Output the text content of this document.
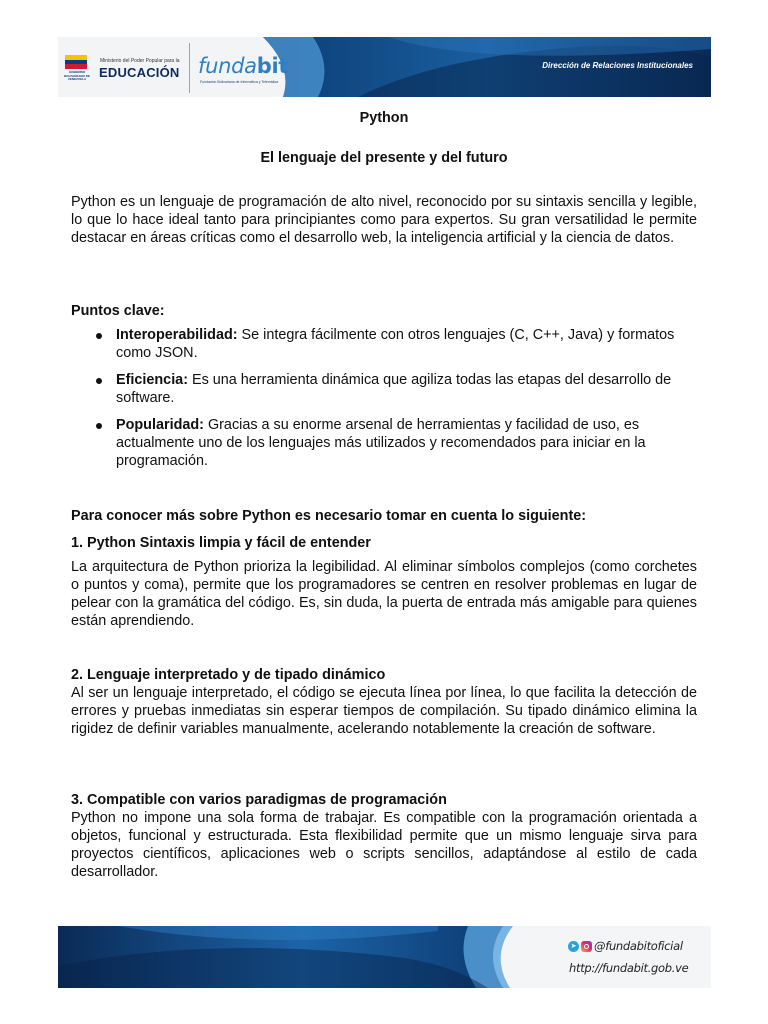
GOBIERNO BOLIVARIANO DE VENEZUELA
Ministerio del Poder Popular para la
EDUCACIÓN fundabit
Fundación Bolivariana de Informática y Telemática
Dirección de Relaciones Institucionales
Python
El lenguaje del presente y del futuro

Python es un lenguaje de programación de alto nivel, reconocido por su sintaxis sencilla y legible, lo que lo hace ideal tanto para principiantes como para expertos. Su gran versatilidad le permite destacar en áreas críticas como el desarrollo web, la inteligencia artificial y la ciencia de datos.

Puntos clave:

Interoperabilidad: Se integra fácilmente con otros lenguajes (C, C++, Java) y formatos como JSON.
Eficiencia: Es una herramienta dinámica que agiliza todas las etapas del desarrollo de software.
Popularidad: Gracias a su enorme arsenal de herramientas y facilidad de uso, es actualmente uno de los lenguajes más utilizados y recomendados para iniciar en la programación.

Para conocer más sobre Python es necesario tomar en cuenta lo siguiente:

1. Python Sintaxis limpia y fácil de entender

La arquitectura de Python prioriza la legibilidad. Al eliminar símbolos complejos (como corchetes o puntos y coma), permite que los programadores se centren en resolver problemas en lugar de pelear con la gramática del código. Es, sin duda, la puerta de entrada más amigable para quienes están aprendiendo.

2. Lenguaje interpretado y de tipado dinámico

Al ser un lenguaje interpretado, el código se ejecuta línea por línea, lo que facilita la detección de errores y pruebas inmediatas sin esperar tiempos de compilación. Su tipado dinámico elimina la rigidez de definir variables manualmente, acelerando notablemente la creación de software.

3. Compatible con varios paradigmas de programación

Python no impone una sola forma de trabajar. Es compatible con la programación orientada a objetos, funcional y estructurada. Esta flexibilidad permite que un mismo lenguaje sirva para proyectos científicos, aplicaciones web o scripts sencillos, adaptándose al estilo de cada desarrollador.

➤ @fundabitoficial
http://fundabit.gob.ve
